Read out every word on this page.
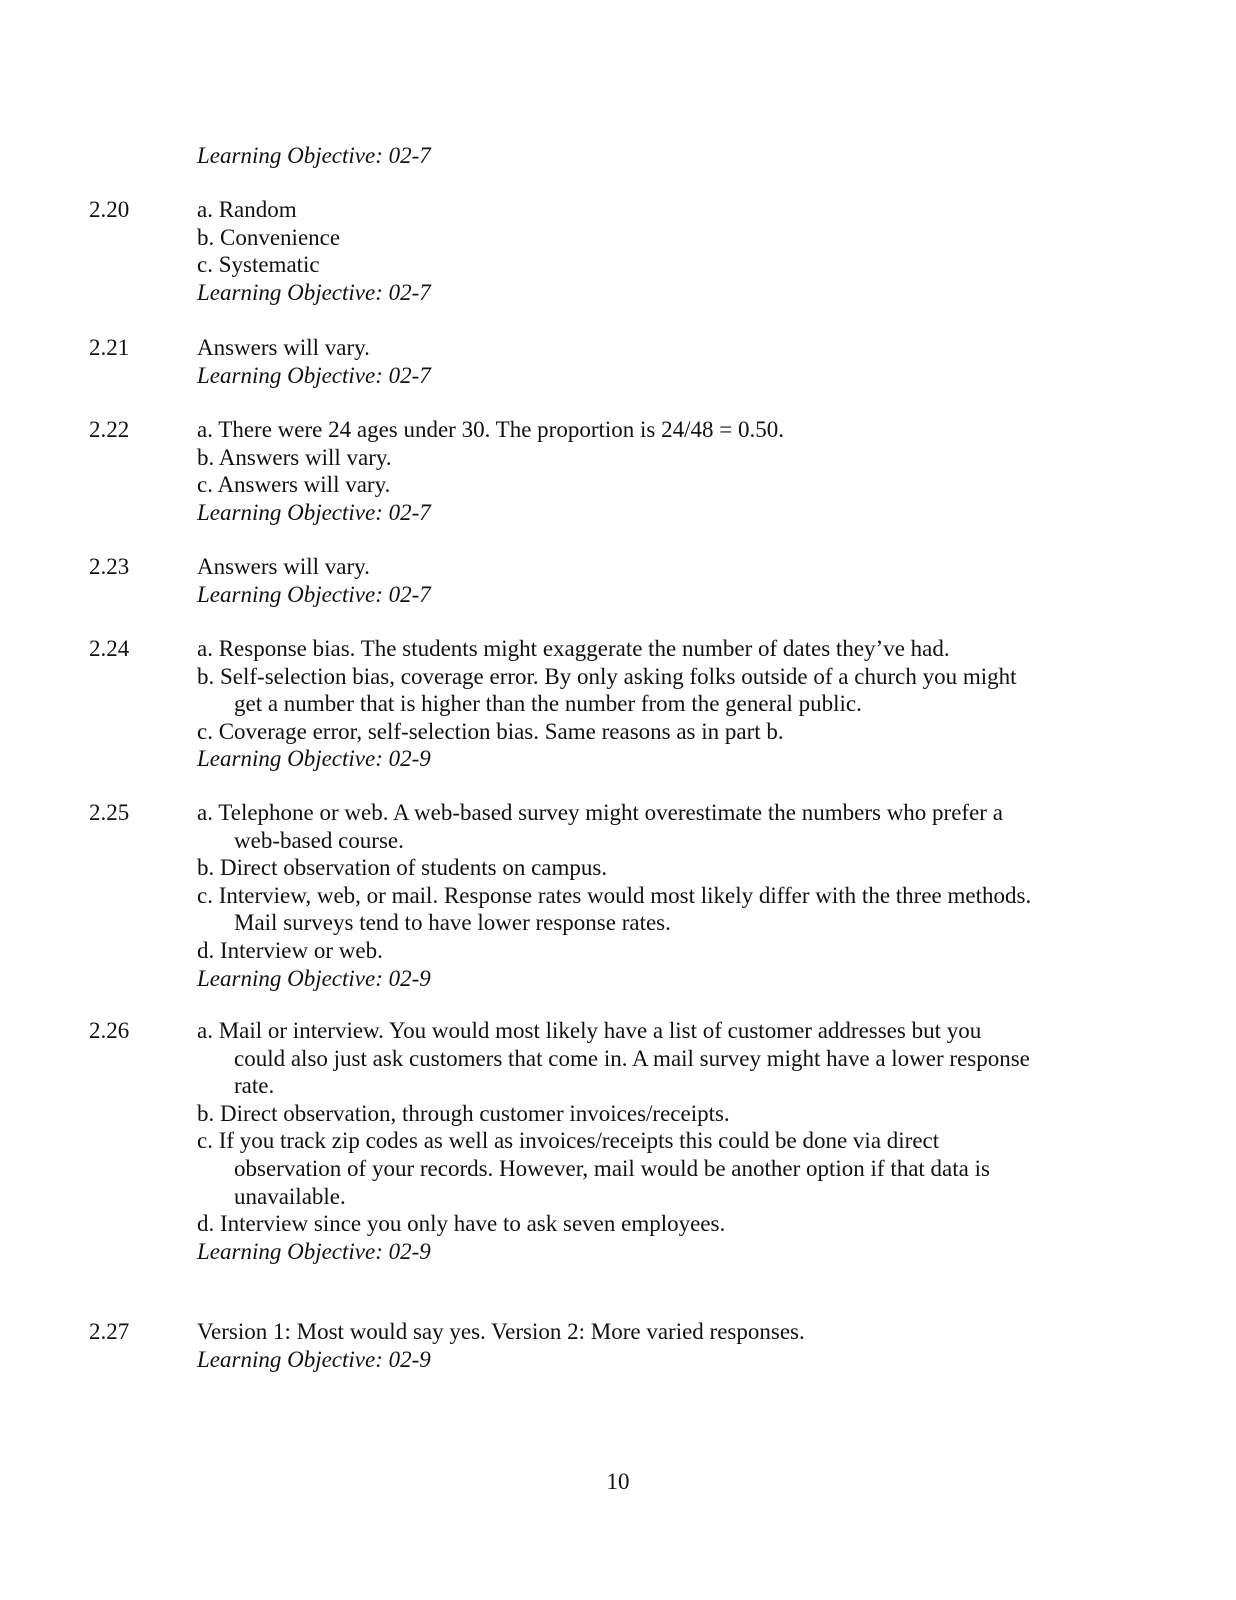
Learning Objective: 02-7
2.20	a. Random
b. Convenience
c. Systematic
Learning Objective: 02-7
2.21	Answers will vary.
Learning Objective: 02-7
2.22	a. There were 24 ages under 30. The proportion is 24/48 = 0.50.
b. Answers will vary.
c. Answers will vary.
Learning Objective: 02-7
2.23	Answers will vary.
Learning Objective: 02-7
2.24	a. Response bias. The students might exaggerate the number of dates they’ve had.
b. Self-selection bias, coverage error. By only asking folks outside of a church you might
get a number that is higher than the number from the general public.
c. Coverage error, self-selection bias. Same reasons as in part b.
Learning Objective: 02-9
2.25	a. Telephone or web. A web-based survey might overestimate the numbers who prefer a
web-based course.
b. Direct observation of students on campus.
c. Interview, web, or mail. Response rates would most likely differ with the three methods.
Mail surveys tend to have lower response rates.
d. Interview or web.
Learning Objective: 02-9
2.26	a. Mail or interview. You would most likely have a list of customer addresses but you
could also just ask customers that come in. A mail survey might have a lower response
rate.
b. Direct observation, through customer invoices/receipts.
c. If you track zip codes as well as invoices/receipts this could be done via direct
observation of your records. However, mail would be another option if that data is
unavailable.
d. Interview since you only have to ask seven employees.
Learning Objective: 02-9
2.27	Version 1: Most would say yes. Version 2: More varied responses.
Learning Objective: 02-9
10
